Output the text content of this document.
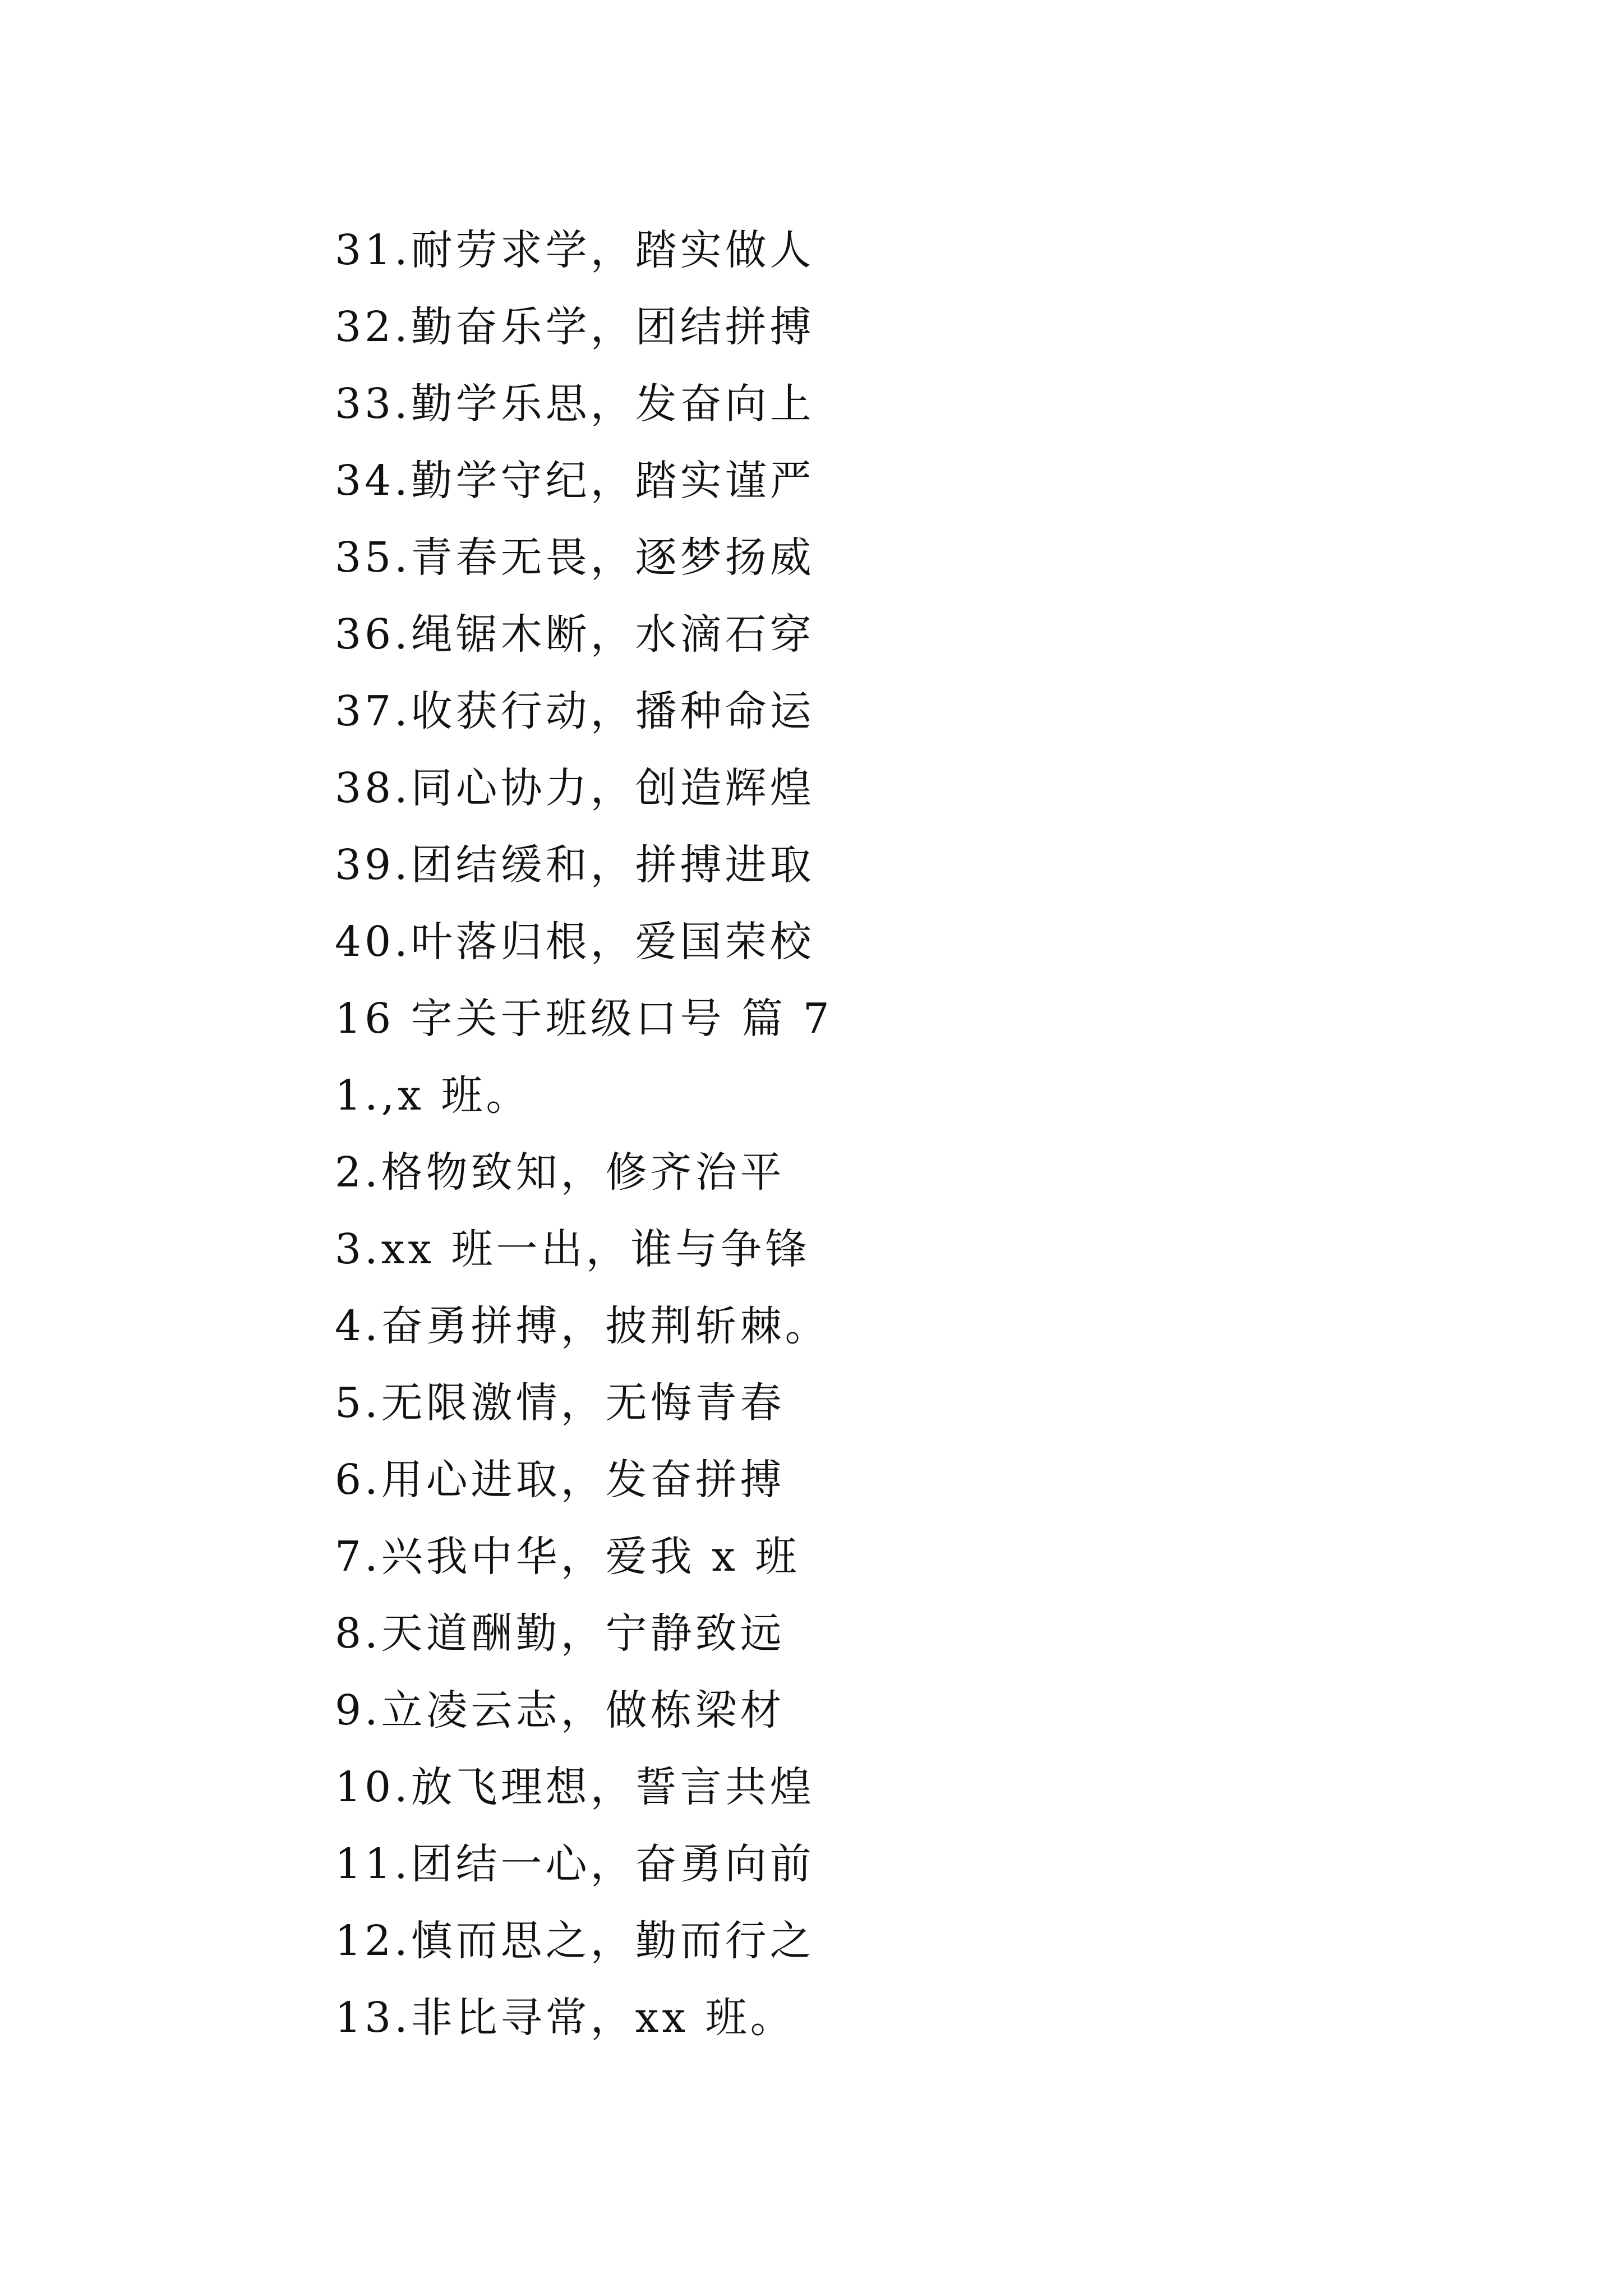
31.耐劳求学，踏实做人
32.勤奋乐学，团结拼搏
33.勤学乐思，发奋向上
34.勤学守纪，踏实谨严
35.青春无畏，逐梦扬威
36.绳锯木断，水滴石穿
37.收获行动，播种命运
38.同心协力，创造辉煌
39.团结缓和，拼搏进取
40.叶落归根，爱国荣校
16 字关于班级口号 篇 7
1.,x 班。
2.格物致知，修齐治平
3.xx 班一出，谁与争锋
4.奋勇拼搏，披荆斩棘。
5.无限激情，无悔青春
6.用心进取，发奋拼搏
7.兴我中华，爱我 x 班
8.天道酬勤，宁静致远
9.立凌云志，做栋梁材
10.放飞理想，誓言共煌
11.团结一心，奋勇向前
12.慎而思之，勤而行之
13.非比寻常，xx 班。
